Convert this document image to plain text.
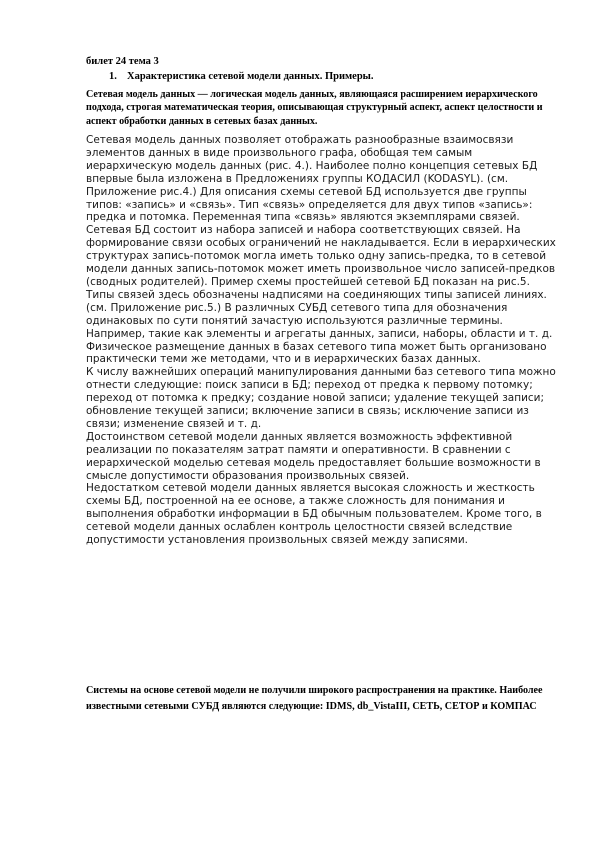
билет 24 тема 3

1. Характеристика сетевой модели данных. Примеры.

Сетевая модель данных — логическая модель данных, являющаяся расширением иерархического подхода, строгая математическая теория, описывающая структурный аспект, аспект целостности и аспект обработки данных в сетевых базах данных.

Сетевая модель данных позволяет отображать разнообразные взаимосвязи элементов данных в виде произвольного графа, обобщая тем самым иерархическую модель данных (рис. 4.). Наиболее полно концепция сетевых БД впервые была изложена в Предложениях группы КОДАСИЛ (KODASYL). (см. Приложение рис.4.) Для описания схемы сетевой БД используется две группы типов: «запись» и «связь». Тип «связь» определяется для двух типов «запись»: предка и потомка. Переменная типа «связь» являются экземплярами связей.

Сетевая БД состоит из набора записей и набора соответствующих связей. На формирование связи особых ограничений не накладывается. Если в иерархических структурах запись-потомок могла иметь только одну запись-предка, то в сетевой модели данных запись-потомок может иметь произвольное число записей-предков (сводных родителей). Пример схемы простейшей сетевой БД показан на рис.5. Типы связей здесь обозначены надписями на соединяющих типы записей линиях. (см. Приложение рис.5.) В различных СУБД сетевого типа для обозначения одинаковых по сути понятий зачастую используются различные термины. Например, такие как элементы и агрегаты данных, записи, наборы, области и т. д.

Физическое размещение данных в базах сетевого типа может быть организовано практически теми же методами, что и в иерархических базах данных.

К числу важнейших операций манипулирования данными баз сетевого типа можно отнести следующие: поиск записи в БД; переход от предка к первому потомку; переход от потомка к предку; создание новой записи; удаление текущей записи; обновление текущей записи; включение записи в связь; исключение записи из связи; изменение связей и т. д.

Достоинством сетевой модели данных является возможность эффективной реализации по показателям затрат памяти и оперативности. В сравнении с иерархической моделью сетевая модель предоставляет большие возможности в смысле допустимости образования произвольных связей.

Недостатком сетевой модели данных является высокая сложность и жесткость схемы БД, построенной на ее основе, а также сложность для понимания и выполнения обработки информации в БД обычным пользователем. Кроме того, в сетевой модели данных ослаблен контроль целостности связей вследствие допустимости установления произвольных связей между записями.

Системы на основе сетевой модели не получили широкого распространения на практике. Наиболее известными сетевыми СУБД являются следующие: IDMS, db_VistaIII, СЕТЬ, СЕТОР и КОМПАС
